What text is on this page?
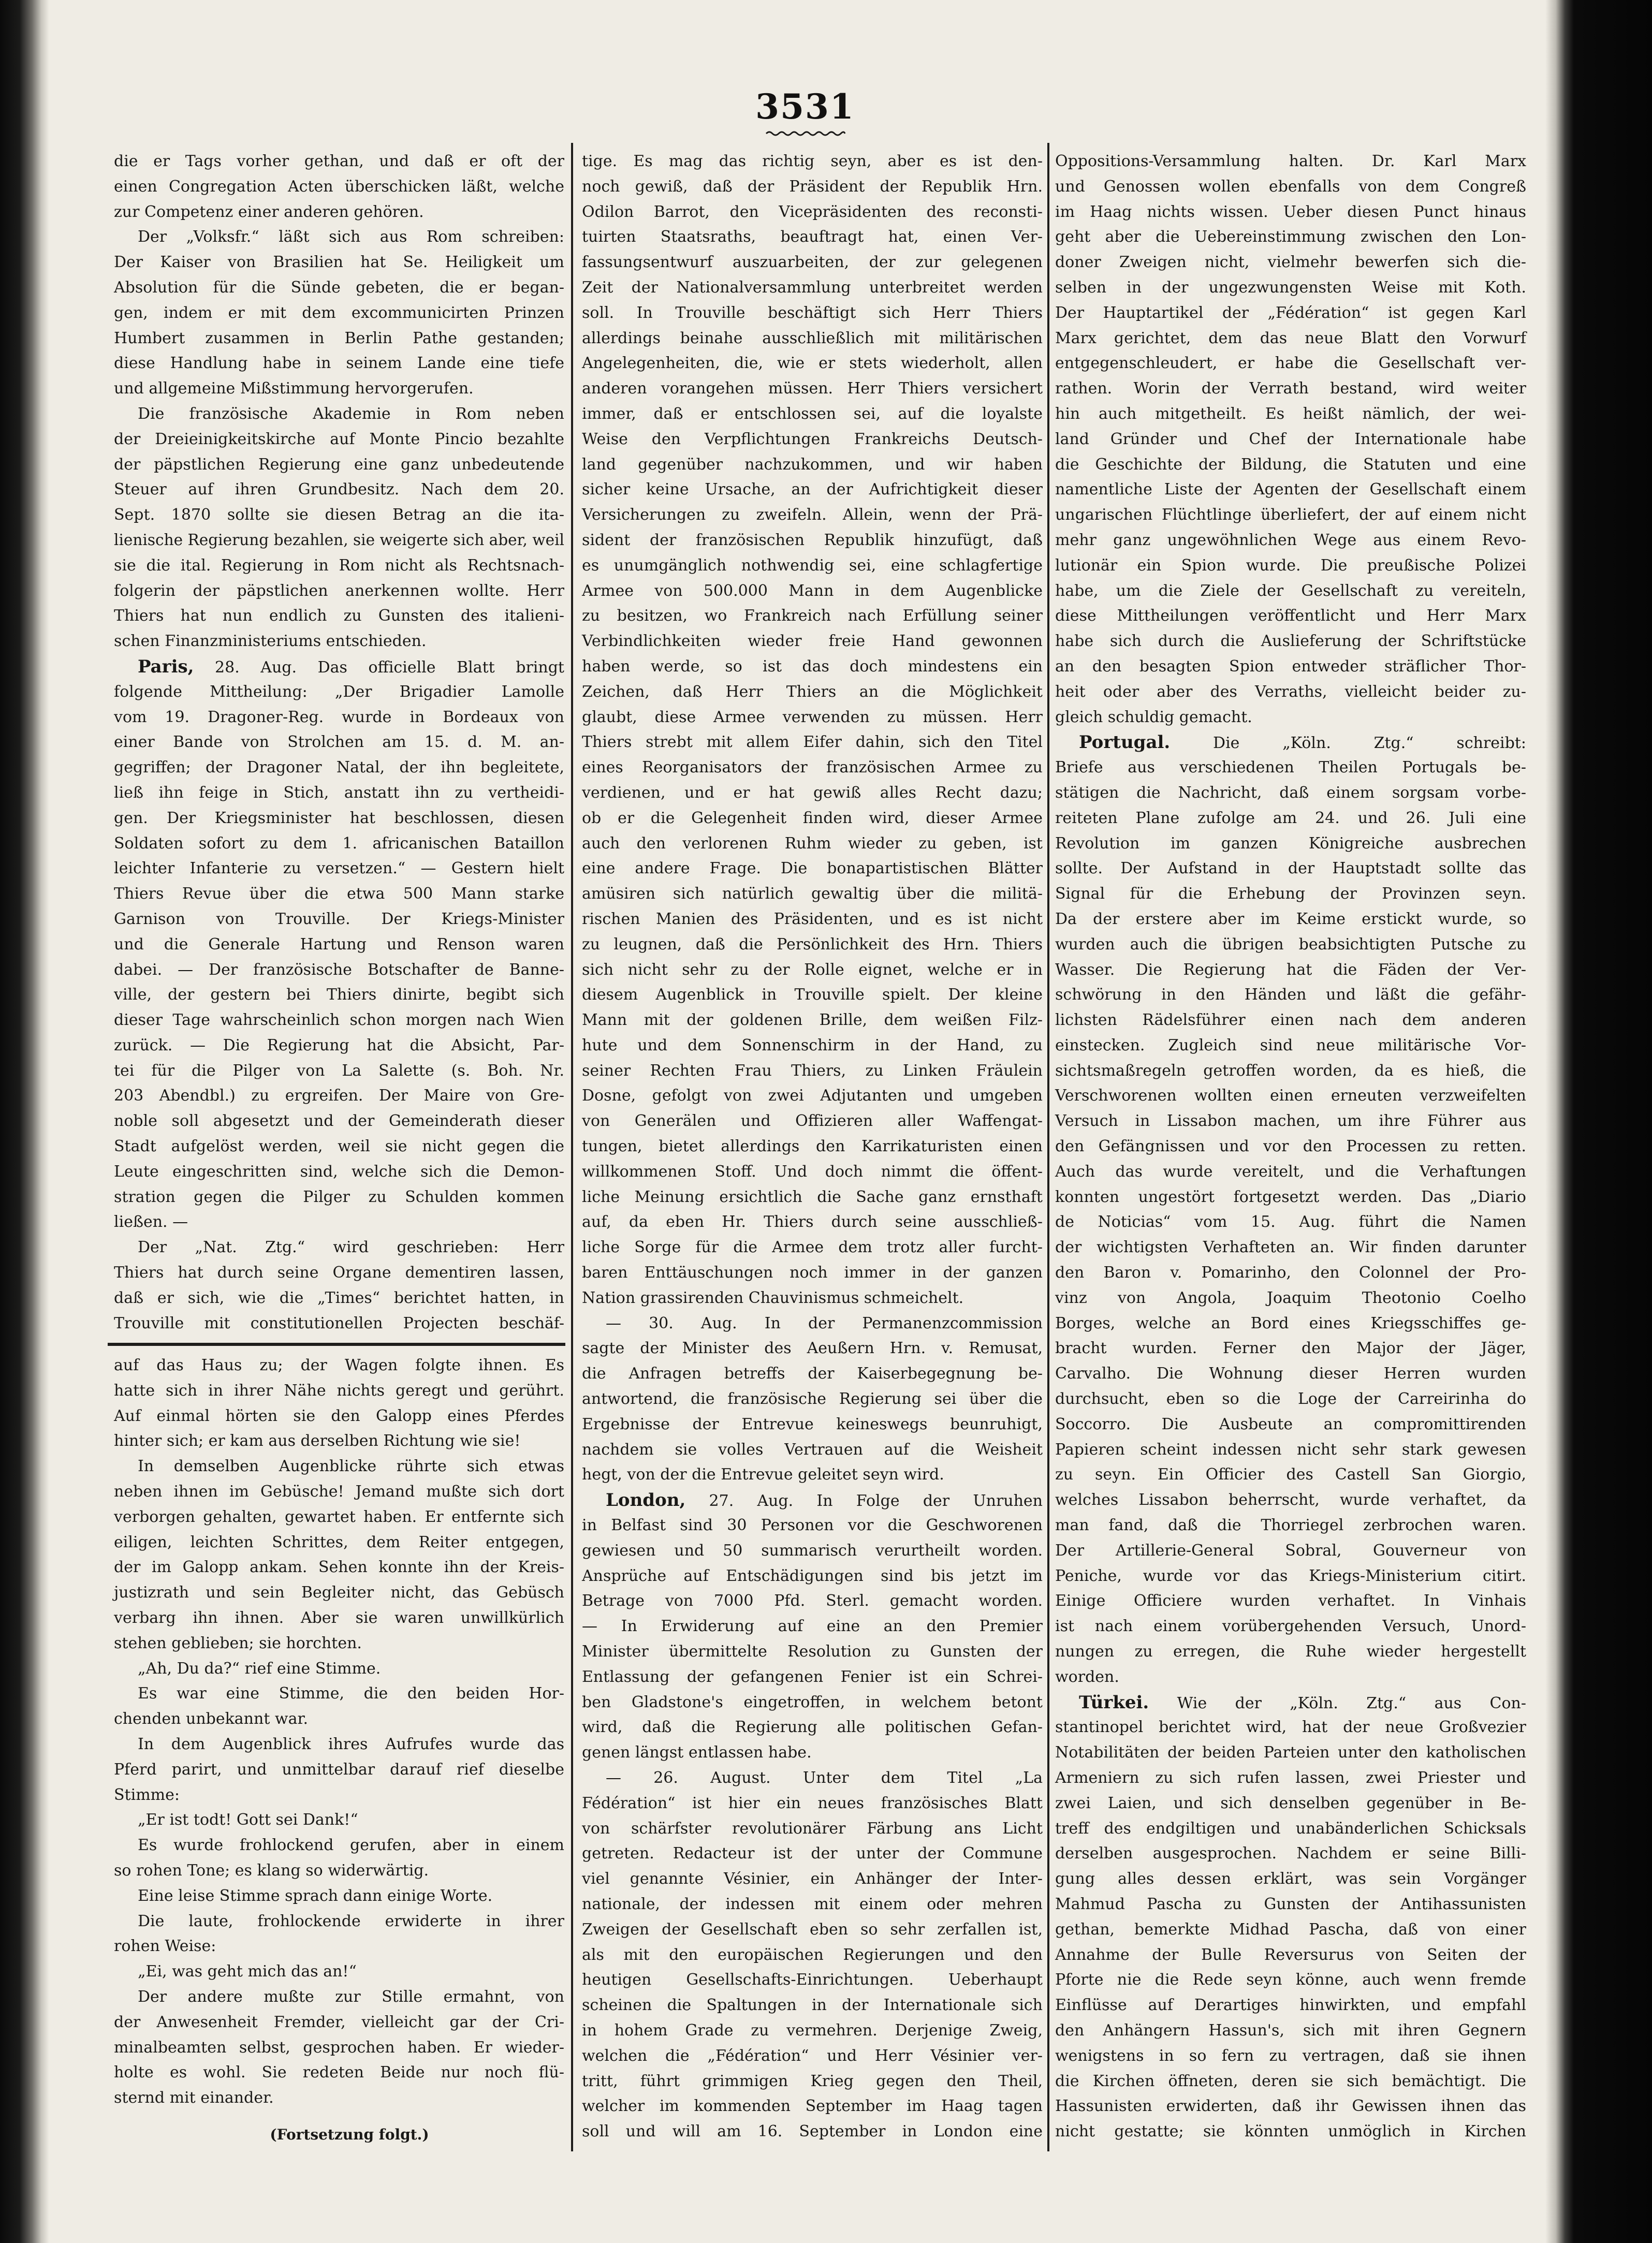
3531
die er Tags vorher gethan, und daß er oft der
einen Congregation Acten überschicken läßt, welche
zur Competenz einer anderen gehören.
Der „Volksfr.“ läßt sich aus Rom schreiben:
Der Kaiser von Brasilien hat Se. Heiligkeit um
Absolution für die Sünde gebeten, die er began-
gen, indem er mit dem excommunicirten Prinzen
Humbert zusammen in Berlin Pathe gestanden;
diese Handlung habe in seinem Lande eine tiefe
und allgemeine Mißstimmung hervorgerufen.
Die französische Akademie in Rom neben
der Dreieinigkeitskirche auf Monte Pincio bezahlte
der päpstlichen Regierung eine ganz unbedeutende
Steuer auf ihren Grundbesitz. Nach dem 20.
Sept. 1870 sollte sie diesen Betrag an die ita-
lienische Regierung bezahlen, sie weigerte sich aber, weil
sie die ital. Regierung in Rom nicht als Rechtsnach-
folgerin der päpstlichen anerkennen wollte. Herr
Thiers hat nun endlich zu Gunsten des italieni-
schen Finanzministeriums entschieden.
Paris, 28. Aug. Das officielle Blatt bringt
folgende Mittheilung: „Der Brigadier Lamolle
vom 19. Dragoner-Reg. wurde in Bordeaux von
einer Bande von Strolchen am 15. d. M. an-
gegriffen; der Dragoner Natal, der ihn begleitete,
ließ ihn feige in Stich, anstatt ihn zu vertheidi-
gen. Der Kriegsminister hat beschlossen, diesen
Soldaten sofort zu dem 1. africanischen Bataillon
leichter Infanterie zu versetzen.“ — Gestern hielt
Thiers Revue über die etwa 500 Mann starke
Garnison von Trouville. Der Kriegs-Minister
und die Generale Hartung und Renson waren
dabei. — Der französische Botschafter de Banne-
ville, der gestern bei Thiers dinirte, begibt sich
dieser Tage wahrscheinlich schon morgen nach Wien
zurück. — Die Regierung hat die Absicht, Par-
tei für die Pilger von La Salette (s. Boh. Nr.
203 Abendbl.) zu ergreifen. Der Maire von Gre-
noble soll abgesetzt und der Gemeinderath dieser
Stadt aufgelöst werden, weil sie nicht gegen die
Leute eingeschritten sind, welche sich die Demon-
stration gegen die Pilger zu Schulden kommen
ließen. —
Der „Nat. Ztg.“ wird geschrieben: Herr
Thiers hat durch seine Organe dementiren lassen,
daß er sich, wie die „Times“ berichtet hatten, in
Trouville mit constitutionellen Projecten beschäf-
auf das Haus zu; der Wagen folgte ihnen. Es
hatte sich in ihrer Nähe nichts geregt und gerührt.
Auf einmal hörten sie den Galopp eines Pferdes
hinter sich; er kam aus derselben Richtung wie sie!
In demselben Augenblicke rührte sich etwas
neben ihnen im Gebüsche! Jemand mußte sich dort
verborgen gehalten, gewartet haben. Er entfernte sich
eiligen, leichten Schrittes, dem Reiter entgegen,
der im Galopp ankam. Sehen konnte ihn der Kreis-
justizrath und sein Begleiter nicht, das Gebüsch
verbarg ihn ihnen. Aber sie waren unwillkürlich
stehen geblieben; sie horchten.
„Ah, Du da?“ rief eine Stimme.
Es war eine Stimme, die den beiden Hor-
chenden unbekannt war.
In dem Augenblick ihres Aufrufes wurde das
Pferd parirt, und unmittelbar darauf rief dieselbe
Stimme:
„Er ist todt! Gott sei Dank!“
Es wurde frohlockend gerufen, aber in einem
so rohen Tone; es klang so widerwärtig.
Eine leise Stimme sprach dann einige Worte.
Die laute, frohlockende erwiderte in ihrer
rohen Weise:
„Ei, was geht mich das an!“
Der andere mußte zur Stille ermahnt, von
der Anwesenheit Fremder, vielleicht gar der Cri-
minalbeamten selbst, gesprochen haben. Er wieder-
holte es wohl. Sie redeten Beide nur noch flü-
sternd mit einander.
(Fortsetzung folgt.)
tige. Es mag das richtig seyn, aber es ist den-
noch gewiß, daß der Präsident der Republik Hrn.
Odilon Barrot, den Vicepräsidenten des reconsti-
tuirten Staatsraths, beauftragt hat, einen Ver-
fassungsentwurf auszuarbeiten, der zur gelegenen
Zeit der Nationalversammlung unterbreitet werden
soll. In Trouville beschäftigt sich Herr Thiers
allerdings beinahe ausschließlich mit militärischen
Angelegenheiten, die, wie er stets wiederholt, allen
anderen vorangehen müssen. Herr Thiers versichert
immer, daß er entschlossen sei, auf die loyalste
Weise den Verpflichtungen Frankreichs Deutsch-
land gegenüber nachzukommen, und wir haben
sicher keine Ursache, an der Aufrichtigkeit dieser
Versicherungen zu zweifeln. Allein, wenn der Prä-
sident der französischen Republik hinzufügt, daß
es unumgänglich nothwendig sei, eine schlagfertige
Armee von 500.000 Mann in dem Augenblicke
zu besitzen, wo Frankreich nach Erfüllung seiner
Verbindlichkeiten wieder freie Hand gewonnen
haben werde, so ist das doch mindestens ein
Zeichen, daß Herr Thiers an die Möglichkeit
glaubt, diese Armee verwenden zu müssen. Herr
Thiers strebt mit allem Eifer dahin, sich den Titel
eines Reorganisators der französischen Armee zu
verdienen, und er hat gewiß alles Recht dazu;
ob er die Gelegenheit finden wird, dieser Armee
auch den verlorenen Ruhm wieder zu geben, ist
eine andere Frage. Die bonapartistischen Blätter
amüsiren sich natürlich gewaltig über die militä-
rischen Manien des Präsidenten, und es ist nicht
zu leugnen, daß die Persönlichkeit des Hrn. Thiers
sich nicht sehr zu der Rolle eignet, welche er in
diesem Augenblick in Trouville spielt. Der kleine
Mann mit der goldenen Brille, dem weißen Filz-
hute und dem Sonnenschirm in der Hand, zu
seiner Rechten Frau Thiers, zu Linken Fräulein
Dosne, gefolgt von zwei Adjutanten und umgeben
von Generälen und Offizieren aller Waffengat-
tungen, bietet allerdings den Karrikaturisten einen
willkommenen Stoff. Und doch nimmt die öffent-
liche Meinung ersichtlich die Sache ganz ernsthaft
auf, da eben Hr. Thiers durch seine ausschließ-
liche Sorge für die Armee dem trotz aller furcht-
baren Enttäuschungen noch immer in der ganzen
Nation grassirenden Chauvinismus schmeichelt.
— 30. Aug. In der Permanenzcommission
sagte der Minister des Aeußern Hrn. v. Remusat,
die Anfragen betreffs der Kaiserbegegnung be-
antwortend, die französische Regierung sei über die
Ergebnisse der Entrevue keineswegs beunruhigt,
nachdem sie volles Vertrauen auf die Weisheit
hegt, von der die Entrevue geleitet seyn wird.
London, 27. Aug. In Folge der Unruhen
in Belfast sind 30 Personen vor die Geschworenen
gewiesen und 50 summarisch verurtheilt worden.
Ansprüche auf Entschädigungen sind bis jetzt im
Betrage von 7000 Pfd. Sterl. gemacht worden.
— In Erwiderung auf eine an den Premier
Minister übermittelte Resolution zu Gunsten der
Entlassung der gefangenen Fenier ist ein Schrei-
ben Gladstone's eingetroffen, in welchem betont
wird, daß die Regierung alle politischen Gefan-
genen längst entlassen habe.
— 26. August. Unter dem Titel „La
Fédération“ ist hier ein neues französisches Blatt
von schärfster revolutionärer Färbung ans Licht
getreten. Redacteur ist der unter der Commune
viel genannte Vésinier, ein Anhänger der Inter-
nationale, der indessen mit einem oder mehren
Zweigen der Gesellschaft eben so sehr zerfallen ist,
als mit den europäischen Regierungen und den
heutigen Gesellschafts-Einrichtungen. Ueberhaupt
scheinen die Spaltungen in der Internationale sich
in hohem Grade zu vermehren. Derjenige Zweig,
welchen die „Fédération“ und Herr Vésinier ver-
tritt, führt grimmigen Krieg gegen den Theil,
welcher im kommenden September im Haag tagen
soll und will am 16. September in London eine
Oppositions-Versammlung halten. Dr. Karl Marx
und Genossen wollen ebenfalls von dem Congreß
im Haag nichts wissen. Ueber diesen Punct hinaus
geht aber die Uebereinstimmung zwischen den Lon-
doner Zweigen nicht, vielmehr bewerfen sich die-
selben in der ungezwungensten Weise mit Koth.
Der Hauptartikel der „Fédération“ ist gegen Karl
Marx gerichtet, dem das neue Blatt den Vorwurf
entgegenschleudert, er habe die Gesellschaft ver-
rathen. Worin der Verrath bestand, wird weiter
hin auch mitgetheilt. Es heißt nämlich, der wei-
land Gründer und Chef der Internationale habe
die Geschichte der Bildung, die Statuten und eine
namentliche Liste der Agenten der Gesellschaft einem
ungarischen Flüchtlinge überliefert, der auf einem nicht
mehr ganz ungewöhnlichen Wege aus einem Revo-
lutionär ein Spion wurde. Die preußische Polizei
habe, um die Ziele der Gesellschaft zu vereiteln,
diese Mittheilungen veröffentlicht und Herr Marx
habe sich durch die Auslieferung der Schriftstücke
an den besagten Spion entweder sträflicher Thor-
heit oder aber des Verraths, vielleicht beider zu-
gleich schuldig gemacht.
Portugal. Die „Köln. Ztg.“ schreibt:
Briefe aus verschiedenen Theilen Portugals be-
stätigen die Nachricht, daß einem sorgsam vorbe-
reiteten Plane zufolge am 24. und 26. Juli eine
Revolution im ganzen Königreiche ausbrechen
sollte. Der Aufstand in der Hauptstadt sollte das
Signal für die Erhebung der Provinzen seyn.
Da der erstere aber im Keime erstickt wurde, so
wurden auch die übrigen beabsichtigten Putsche zu
Wasser. Die Regierung hat die Fäden der Ver-
schwörung in den Händen und läßt die gefähr-
lichsten Rädelsführer einen nach dem anderen
einstecken. Zugleich sind neue militärische Vor-
sichtsmaßregeln getroffen worden, da es hieß, die
Verschworenen wollten einen erneuten verzweifelten
Versuch in Lissabon machen, um ihre Führer aus
den Gefängnissen und vor den Processen zu retten.
Auch das wurde vereitelt, und die Verhaftungen
konnten ungestört fortgesetzt werden. Das „Diario
de Noticias“ vom 15. Aug. führt die Namen
der wichtigsten Verhafteten an. Wir finden darunter
den Baron v. Pomarinho, den Colonnel der Pro-
vinz von Angola, Joaquim Theotonio Coelho
Borges, welche an Bord eines Kriegsschiffes ge-
bracht wurden. Ferner den Major der Jäger,
Carvalho. Die Wohnung dieser Herren wurden
durchsucht, eben so die Loge der Carreirinha do
Soccorro. Die Ausbeute an compromittirenden
Papieren scheint indessen nicht sehr stark gewesen
zu seyn. Ein Officier des Castell San Giorgio,
welches Lissabon beherrscht, wurde verhaftet, da
man fand, daß die Thorriegel zerbrochen waren.
Der Artillerie-General Sobral, Gouverneur von
Peniche, wurde vor das Kriegs-Ministerium citirt.
Einige Officiere wurden verhaftet. In Vinhais
ist nach einem vorübergehenden Versuch, Unord-
nungen zu erregen, die Ruhe wieder hergestellt
worden.
Türkei. Wie der „Köln. Ztg.“ aus Con-
stantinopel berichtet wird, hat der neue Großvezier
Notabilitäten der beiden Parteien unter den katholischen
Armeniern zu sich rufen lassen, zwei Priester und
zwei Laien, und sich denselben gegenüber in Be-
treff des endgiltigen und unabänderlichen Schicksals
derselben ausgesprochen. Nachdem er seine Billi-
gung alles dessen erklärt, was sein Vorgänger
Mahmud Pascha zu Gunsten der Antihassunisten
gethan, bemerkte Midhad Pascha, daß von einer
Annahme der Bulle Reversurus von Seiten der
Pforte nie die Rede seyn könne, auch wenn fremde
Einflüsse auf Derartiges hinwirkten, und empfahl
den Anhängern Hassun's, sich mit ihren Gegnern
wenigstens in so fern zu vertragen, daß sie ihnen
die Kirchen öffneten, deren sie sich bemächtigt. Die
Hassunisten erwiderten, daß ihr Gewissen ihnen das
nicht gestatte; sie könnten unmöglich in Kirchen
